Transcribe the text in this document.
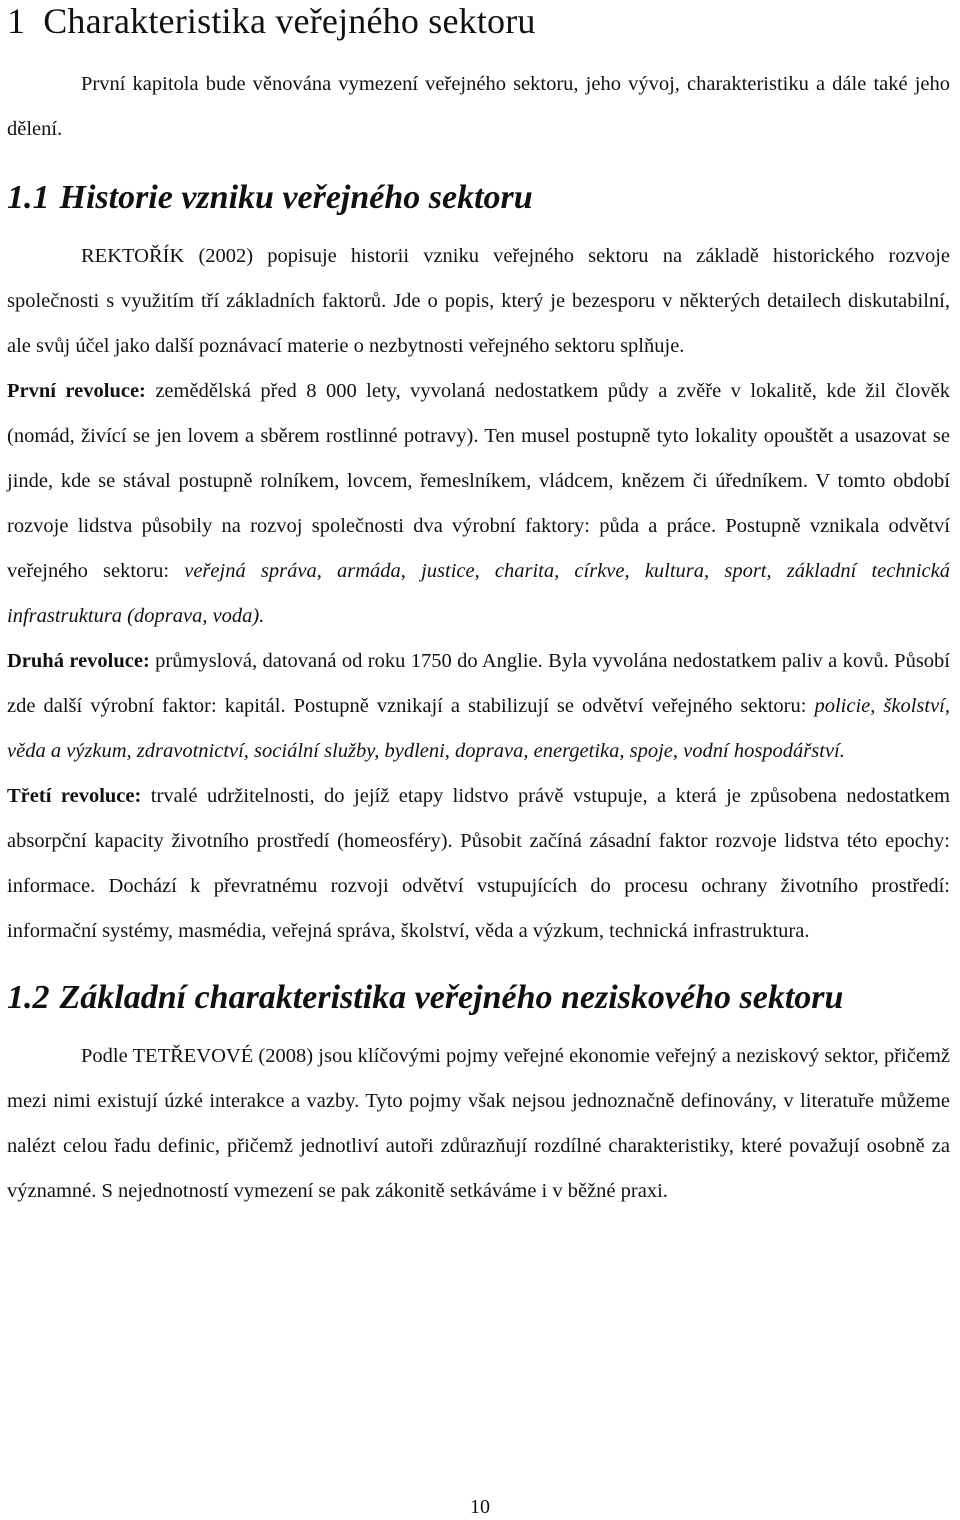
1 Charakteristika veřejného sektoru

První kapitola bude věnována vymezení veřejného sektoru, jeho vývoj, charakteristiku a dále také jeho dělení.

1.1 Historie vzniku veřejného sektoru

REKTOŘÍK (2002) popisuje historii vzniku veřejného sektoru na základě historického rozvoje společnosti s využitím tří základních faktorů. Jde o popis, který je bezesporu v některých detailech diskutabilní, ale svůj účel jako další poznávací materie o nezbytnosti veřejného sektoru splňuje.

První revoluce: zemědělská před 8 000 lety, vyvolaná nedostatkem půdy a zvěře v lokalitě, kde žil člověk (nomád, živící se jen lovem a sběrem rostlinné potravy). Ten musel postupně tyto lokality opouštět a usazovat se jinde, kde se stával postupně rolníkem, lovcem, řemeslníkem, vládcem, knězem či úředníkem. V tomto období rozvoje lidstva působily na rozvoj společnosti dva výrobní faktory: půda a práce. Postupně vznikala odvětví veřejného sektoru: veřejná správa, armáda, justice, charita, církve, kultura, sport, základní technická infrastruktura (doprava, voda).

Druhá revoluce: průmyslová, datovaná od roku 1750 do Anglie. Byla vyvolána nedostatkem paliv a kovů. Působí zde další výrobní faktor: kapitál. Postupně vznikají a stabilizují se odvětví veřejného sektoru: policie, školství, věda a výzkum, zdravotnictví, sociální služby, bydleni, doprava, energetika, spoje, vodní hospodářství.

Třetí revoluce: trvalé udržitelnosti, do jejíž etapy lidstvo právě vstupuje, a která je způsobena nedostatkem absorpční kapacity životního prostředí (homeosféry). Působit začíná zásadní faktor rozvoje lidstva této epochy: informace. Dochází k převratnému rozvoji odvětví vstupujících do procesu ochrany životního prostředí: informační systémy, masmédia, veřejná správa, školství, věda a výzkum, technická infrastruktura.

1.2 Základní charakteristika veřejného neziskového sektoru

Podle TETŘEVOVÉ (2008) jsou klíčovými pojmy veřejné ekonomie veřejný a neziskový sektor, přičemž mezi nimi existují úzké interakce a vazby. Tyto pojmy však nejsou jednoznačně definovány, v literatuře můžeme nalézt celou řadu definic, přičemž jednotliví autoři zdůrazňují rozdílné charakteristiky, které považují osobně za významné. S nejednotností vymezení se pak zákonitě setkáváme i v běžné praxi.

10
